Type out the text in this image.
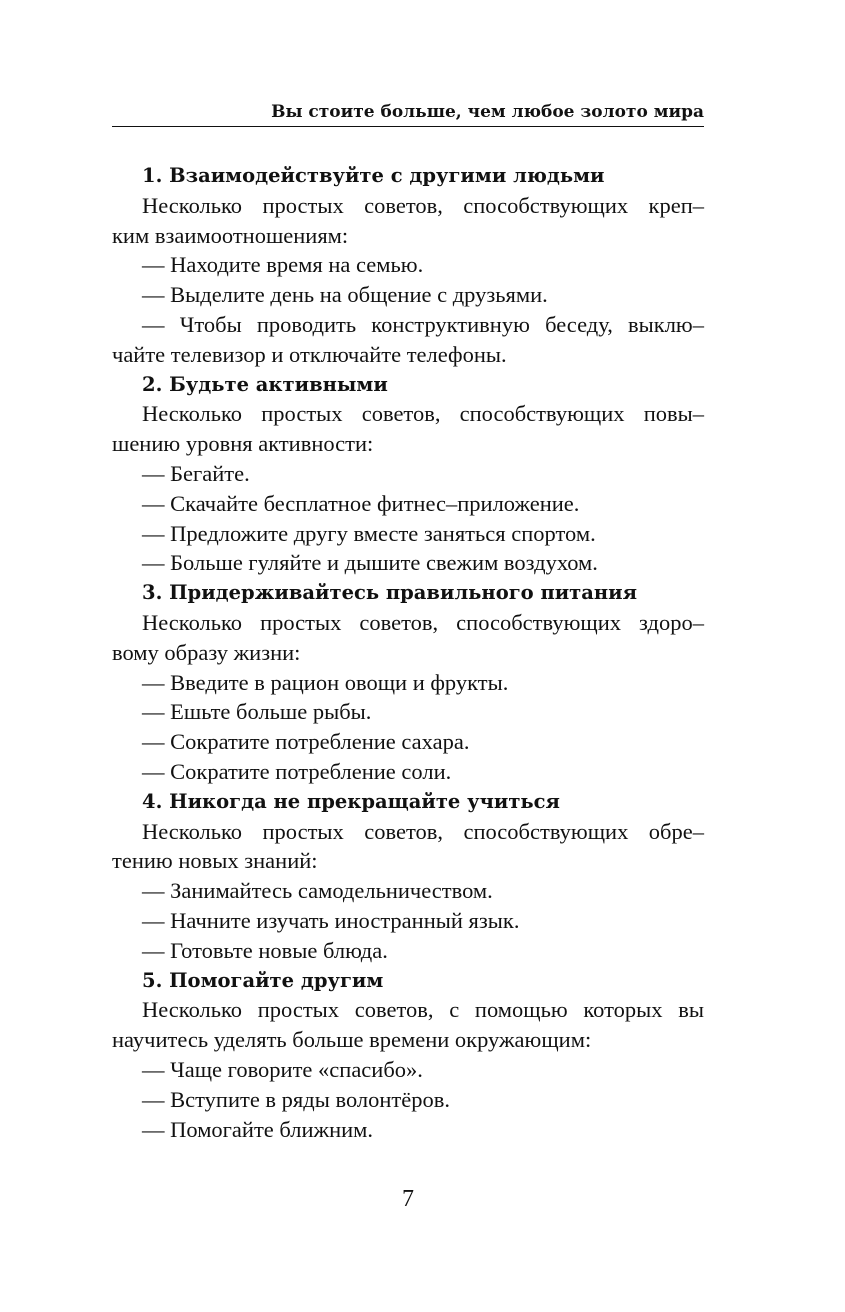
Вы стоите больше, чем любое золото мира
1. Взаимодействуйте с другими людьми
Несколько простых советов, способствующих креп–
ким взаимоотношениям:
— Находите время на семью.
— Выделите день на общение с друзьями.
— Чтобы проводить конструктивную беседу, выклю–
чайте телевизор и отключайте телефоны.
2. Будьте активными
Несколько простых советов, способствующих повы–
шению уровня активности:
— Бегайте.
— Скачайте бесплатное фитнес–приложение.
— Предложите другу вместе заняться спортом.
— Больше гуляйте и дышите свежим воздухом.
3. Придерживайтесь правильного питания
Несколько простых советов, способствующих здоро–
вому образу жизни:
— Введите в рацион овощи и фрукты.
— Ешьте больше рыбы.
— Сократите потребление сахара.
— Сократите потребление соли.
4. Никогда не прекращайте учиться
Несколько простых советов, способствующих обре–
тению новых знаний:
— Занимайтесь самодельничеством.
— Начните изучать иностранный язык.
— Готовьте новые блюда.
5. Помогайте другим
Несколько простых советов, с помощью которых вы
научитесь уделять больше времени окружающим:
— Чаще говорите «спасибо».
— Вступите в ряды волонтёров.
— Помогайте ближним.
7
